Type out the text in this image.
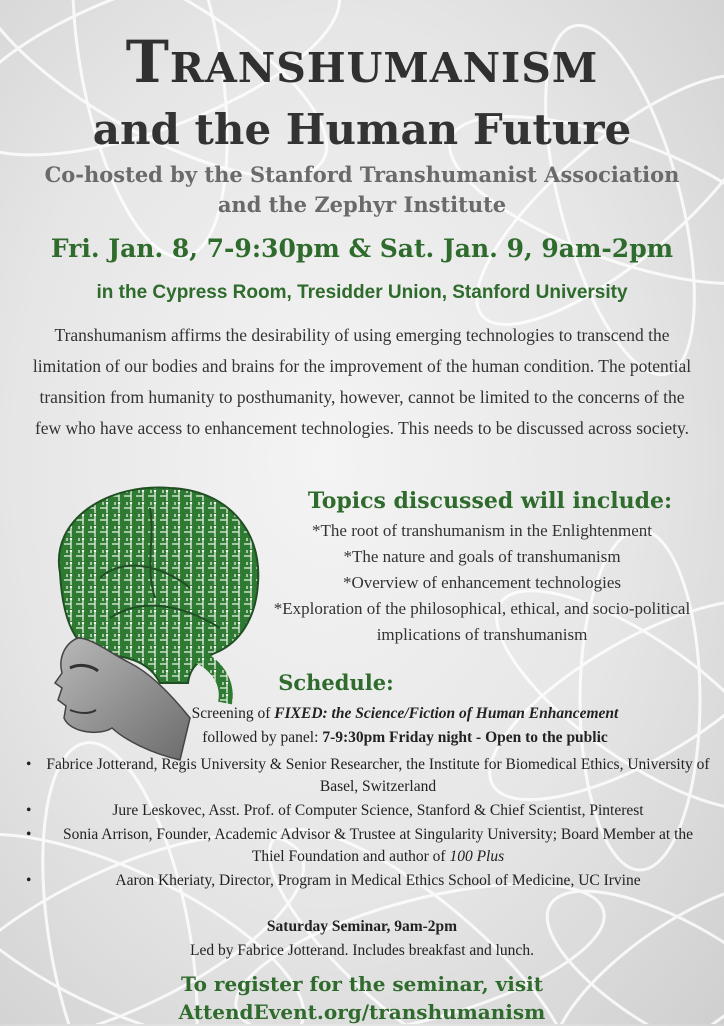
Transhumanism
and the Human Future
Co-hosted by the Stanford Transhumanist Association and the Zephyr Institute
Fri. Jan. 8, 7-9:30pm & Sat. Jan. 9, 9am-2pm
in the Cypress Room, Tresidder Union, Stanford University
Transhumanism affirms the desirability of using emerging technologies to transcend the limitation of our bodies and brains for the improvement of the human condition. The potential transition from humanity to posthumanity, however, cannot be limited to the concerns of the few who have access to enhancement technologies. This needs to be discussed across society.
Topics discussed will include:
*The root of transhumanism in the Enlightenment
*The nature and goals of transhumanism
*Overview of enhancement technologies
*Exploration of the philosophical, ethical, and socio-political implications of transhumanism
Schedule:
Screening of FIXED: the Science/Fiction of Human Enhancement
followed by panel: 7-9:30pm Friday night - Open to the public
• Fabrice Jotterand, Regis University & Senior Researcher, the Institute for Biomedical Ethics, University of Basel, Switzerland
• Jure Leskovec, Asst. Prof. of Computer Science, Stanford & Chief Scientist, Pinterest
• Sonia Arrison, Founder, Academic Advisor & Trustee at Singularity University; Board Member at the Thiel Foundation and author of 100 Plus
• Aaron Kheriaty, Director, Program in Medical Ethics School of Medicine, UC Irvine
Saturday Seminar, 9am-2pm
Led by Fabrice Jotterand. Includes breakfast and lunch.
To register for the seminar, visit AttendEvent.org/transhumanism
